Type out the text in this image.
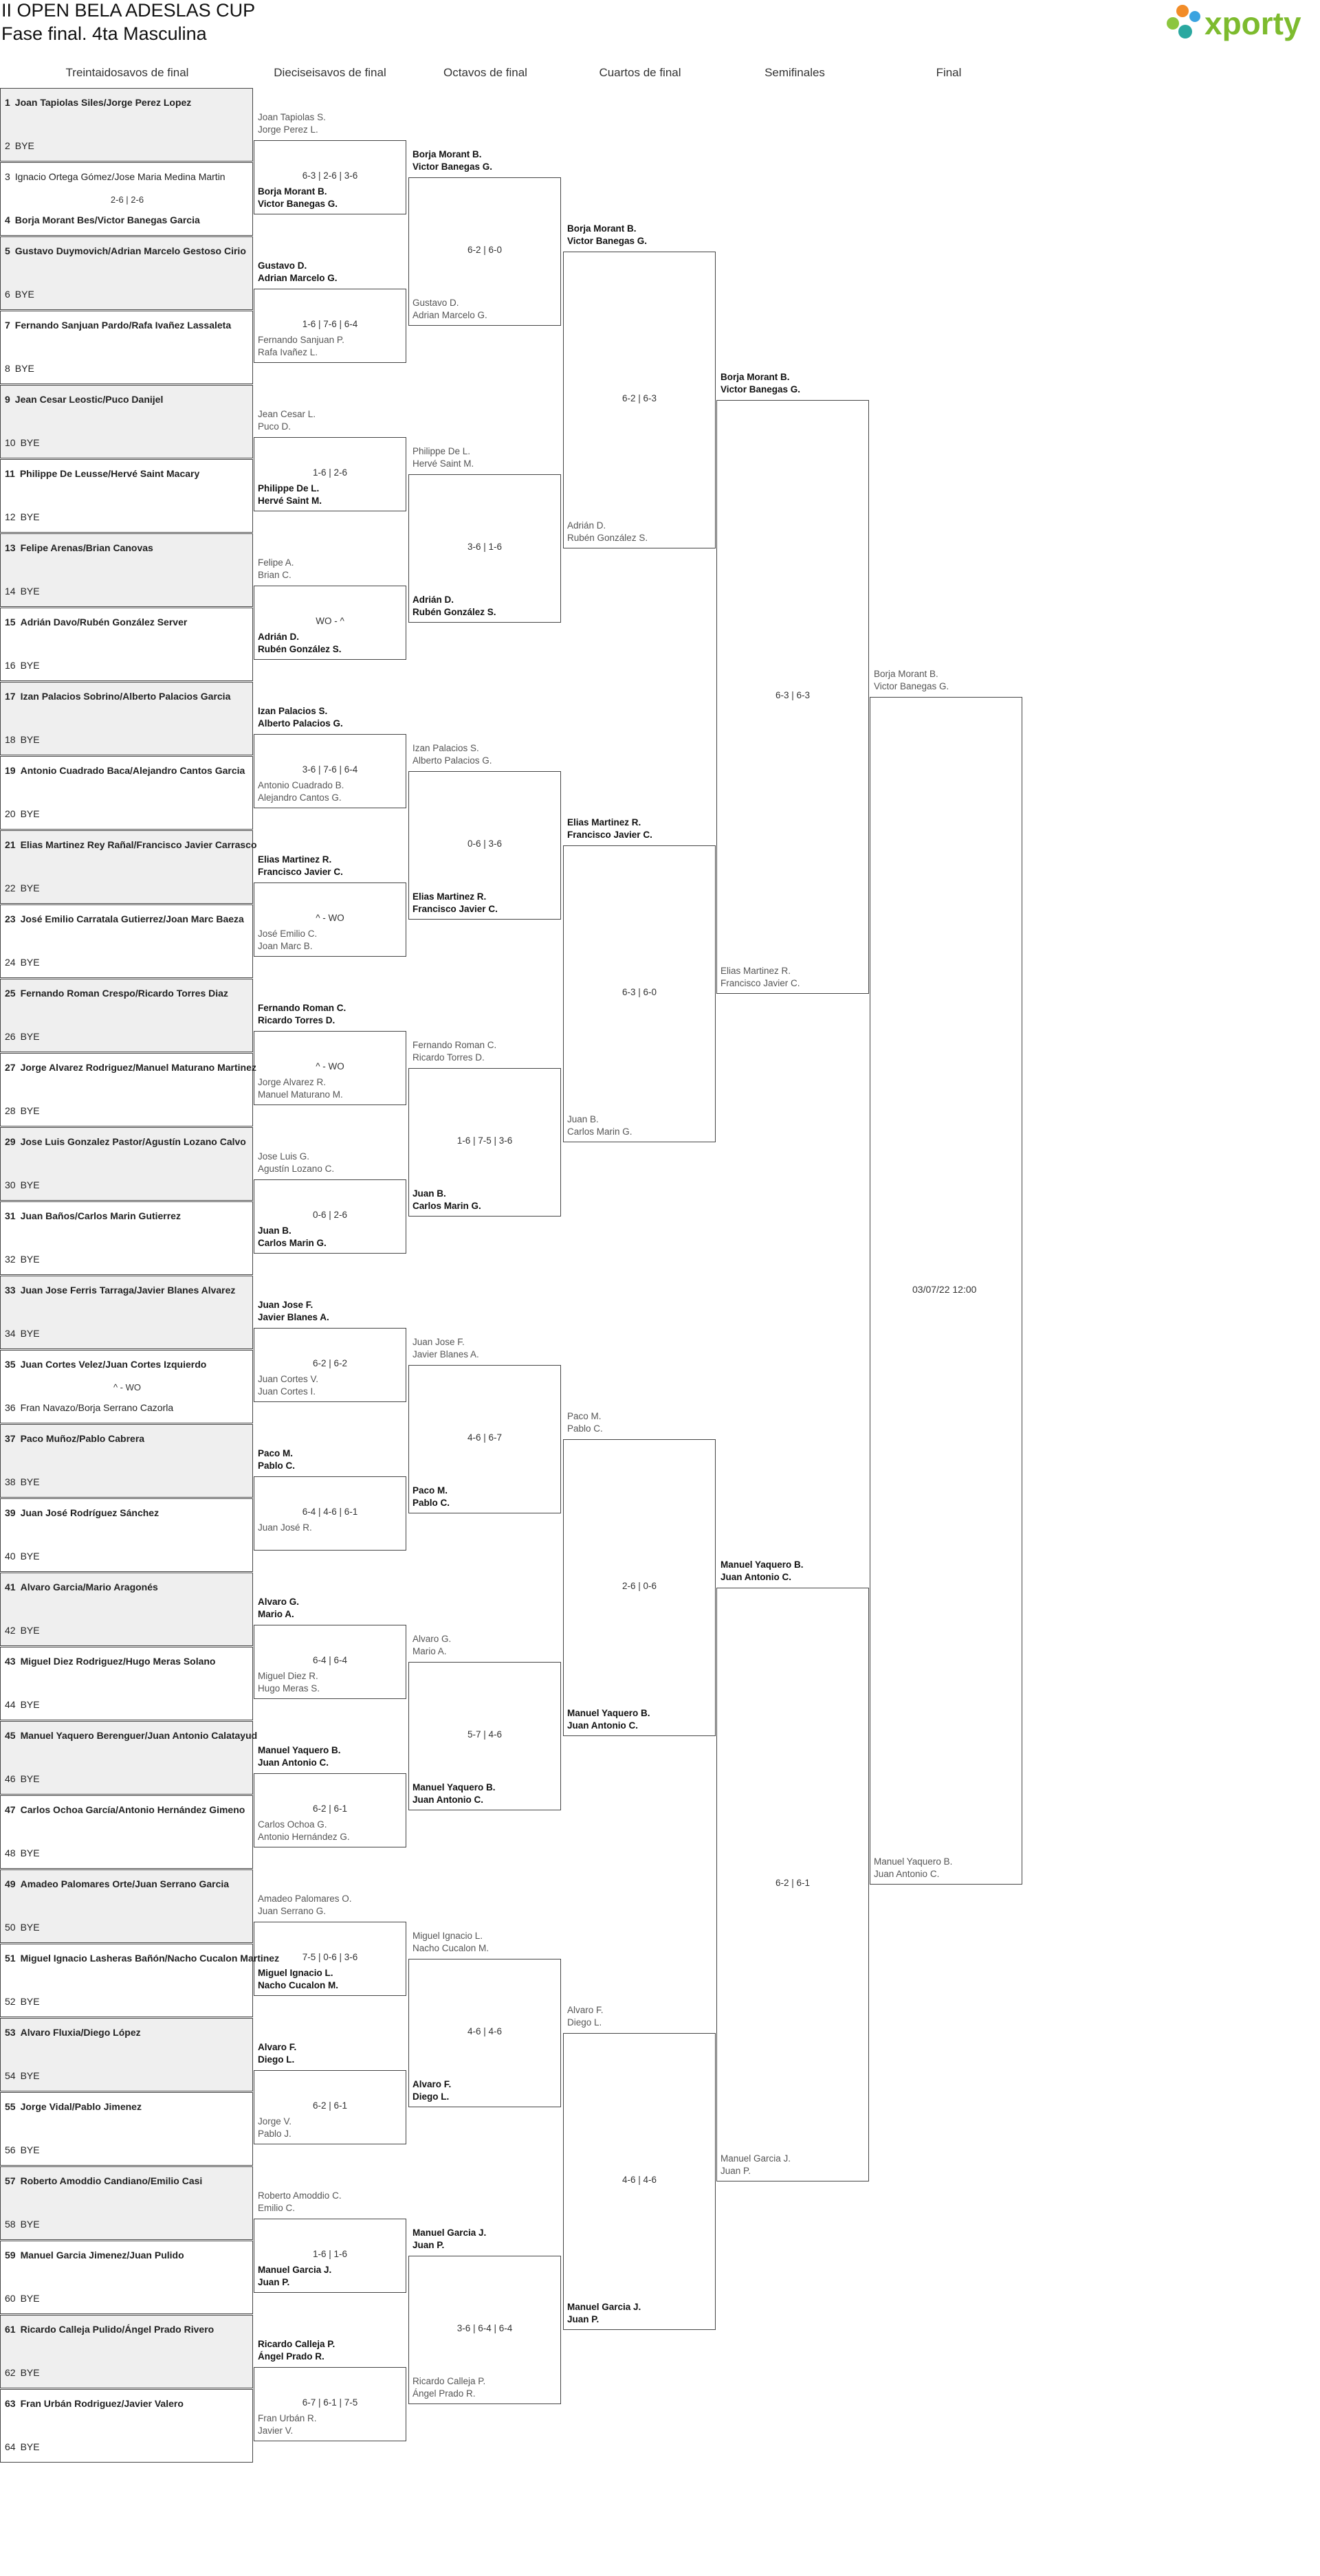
II OPEN BELA ADESLAS CUP
Fase final. 4ta Masculina	xporty
Treintaidosavos de final	Dieciseisavos de final	Octavos de final	Cuartos de final	Semifinales	Final
1 Joan Tapiolas Siles/Jorge Perez Lopez
2 BYE
3 Ignacio Ortega Gómez/Jose Maria Medina Martin
4 Borja Morant Bes/Victor Banegas Garcia
2-6 | 2-6
5 Gustavo Duymovich/Adrian Marcelo Gestoso Cirio
6 BYE
7 Fernando Sanjuan Pardo/Rafa Ivañez Lassaleta
8 BYE
9 Jean Cesar Leostic/Puco Danijel
10 BYE
11 Philippe De Leusse/Hervé Saint Macary
12 BYE
13 Felipe Arenas/Brian Canovas
14 BYE
15 Adrián Davo/Rubén González Server
16 BYE
17 Izan Palacios Sobrino/Alberto Palacios Garcia
18 BYE
19 Antonio Cuadrado Baca/Alejandro Cantos Garcia
20 BYE
21 Elias Martinez Rey Rañal/Francisco Javier Carrasco
22 BYE
23 José Emilio Carratala Gutierrez/Joan Marc Baeza
24 BYE
25 Fernando Roman Crespo/Ricardo Torres Diaz
26 BYE
27 Jorge Alvarez Rodriguez/Manuel Maturano Martinez
28 BYE
29 Jose Luis Gonzalez Pastor/Agustín Lozano Calvo
30 BYE
31 Juan Baños/Carlos Marin Gutierrez
32 BYE
33 Juan Jose Ferris Tarraga/Javier Blanes Alvarez
34 BYE
35 Juan Cortes Velez/Juan Cortes Izquierdo
36 Fran Navazo/Borja Serrano Cazorla
^ - WO
37 Paco Muñoz/Pablo Cabrera
38 BYE
39 Juan José Rodríguez Sánchez
40 BYE
41 Alvaro Garcia/Mario Aragonés
42 BYE
43 Miguel Diez Rodriguez/Hugo Meras Solano
44 BYE
45 Manuel Yaquero Berenguer/Juan Antonio Calatayud
46 BYE
47 Carlos Ochoa García/Antonio Hernández Gimeno
48 BYE
49 Amadeo Palomares Orte/Juan Serrano Garcia
50 BYE
51 Miguel Ignacio Lasheras Bañón/Nacho Cucalon Martinez
52 BYE
53 Alvaro Fluxia/Diego López
54 BYE
55 Jorge Vidal/Pablo Jimenez
56 BYE
57 Roberto Amoddio Candiano/Emilio Casi
58 BYE
59 Manuel Garcia Jimenez/Juan Pulido
60 BYE
61 Ricardo Calleja Pulido/Ángel Prado Rivero
62 BYE
63 Fran Urbán Rodriguez/Javier Valero
64 BYE
Joan Tapiolas S.
Jorge Perez L.
Borja Morant B.
Victor Banegas G.
6-3 | 2-6 | 3-6
Gustavo D.
Adrian Marcelo G.
Fernando Sanjuan P.
Rafa Ivañez L.
1-6 | 7-6 | 6-4
Jean Cesar L.
Puco D.
Philippe De L.
Hervé Saint M.
1-6 | 2-6
Felipe A.
Brian C.
Adrián D.
Rubén González S.
WO - ^
Izan Palacios S.
Alberto Palacios G.
Antonio Cuadrado B.
Alejandro Cantos G.
3-6 | 7-6 | 6-4
Elias Martinez R.
Francisco Javier C.
José Emilio C.
Joan Marc B.
^ - WO
Fernando Roman C.
Ricardo Torres D.
Jorge Alvarez R.
Manuel Maturano M.
^ - WO
Jose Luis G.
Agustín Lozano C.
Juan B.
Carlos Marin G.
0-6 | 2-6
Juan Jose F.
Javier Blanes A.
Juan Cortes V.
Juan Cortes I.
6-2 | 6-2
Paco M.
Pablo C.
Juan José R.
6-4 | 4-6 | 6-1
Alvaro G.
Mario A.
Miguel Diez R.
Hugo Meras S.
6-4 | 6-4
Manuel Yaquero B.
Juan Antonio C.
Carlos Ochoa G.
Antonio Hernández G.
6-2 | 6-1
Amadeo Palomares O.
Juan Serrano G.
Miguel Ignacio L.
Nacho Cucalon M.
7-5 | 0-6 | 3-6
Alvaro F.
Diego L.
Jorge V.
Pablo J.
6-2 | 6-1
Roberto Amoddio C.
Emilio C.
Manuel Garcia J.
Juan P.
1-6 | 1-6
Ricardo Calleja P.
Ángel Prado R.
Fran Urbán R.
Javier V.
6-7 | 6-1 | 7-5
Borja Morant B.
Victor Banegas G.
Gustavo D.
Adrian Marcelo G.
6-2 | 6-0
Philippe De L.
Hervé Saint M.
Adrián D.
Rubén González S.
3-6 | 1-6
Izan Palacios S.
Alberto Palacios G.
Elias Martinez R.
Francisco Javier C.
0-6 | 3-6
Fernando Roman C.
Ricardo Torres D.
Juan B.
Carlos Marin G.
1-6 | 7-5 | 3-6
Juan Jose F.
Javier Blanes A.
Paco M.
Pablo C.
4-6 | 6-7
Alvaro G.
Mario A.
Manuel Yaquero B.
Juan Antonio C.
5-7 | 4-6
Miguel Ignacio L.
Nacho Cucalon M.
Alvaro F.
Diego L.
4-6 | 4-6
Manuel Garcia J.
Juan P.
Ricardo Calleja P.
Ángel Prado R.
3-6 | 6-4 | 6-4
Borja Morant B.
Victor Banegas G.
Adrián D.
Rubén González S.
6-2 | 6-3
Elias Martinez R.
Francisco Javier C.
Juan B.
Carlos Marin G.
6-3 | 6-0
Paco M.
Pablo C.
Manuel Yaquero B.
Juan Antonio C.
2-6 | 0-6
Alvaro F.
Diego L.
Manuel Garcia J.
Juan P.
4-6 | 4-6
Borja Morant B.
Victor Banegas G.
Elias Martinez R.
Francisco Javier C.
6-3 | 6-3
Manuel Yaquero B.
Juan Antonio C.
Manuel Garcia J.
Juan P.
6-2 | 6-1
Borja Morant B.
Victor Banegas G.
Manuel Yaquero B.
Juan Antonio C.
03/07/22 12:00
